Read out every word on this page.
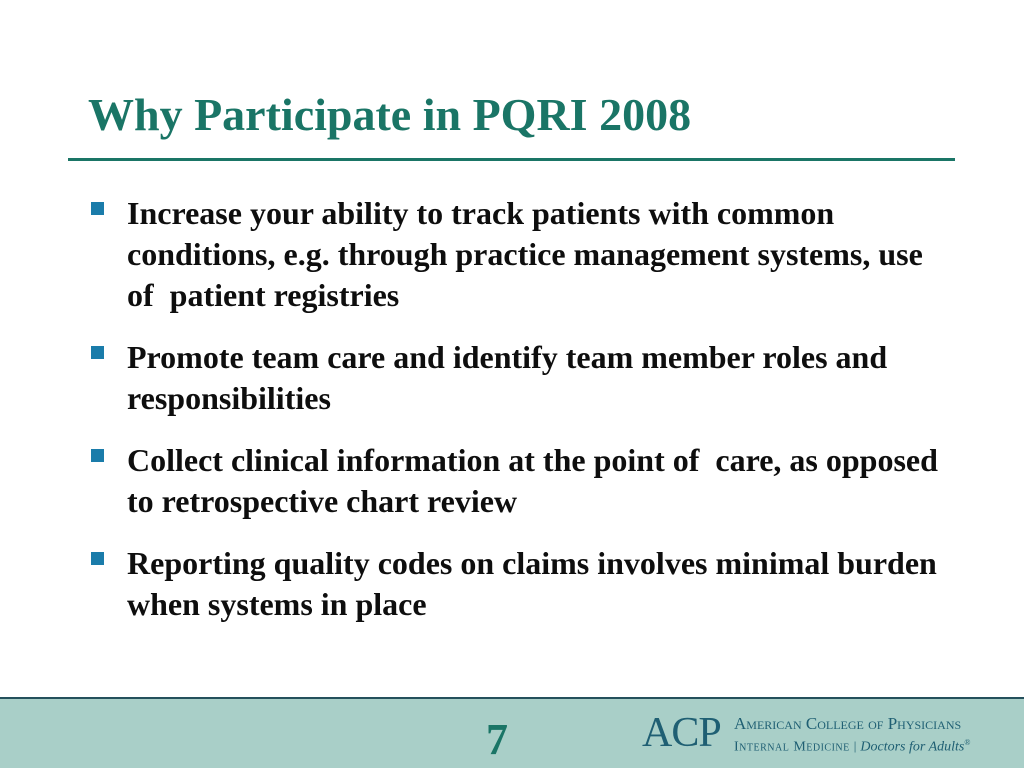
Why Participate in PQRI 2008
Increase your ability to track patients with common conditions, e.g. through practice management systems, use of  patient registries
Promote team care and identify team member roles and responsibilities
Collect clinical information at the point of  care, as opposed to retrospective chart review
Reporting quality codes on claims involves minimal burden when systems in place
7	ACP American College of Physicians
Internal Medicine | Doctors for Adults®
